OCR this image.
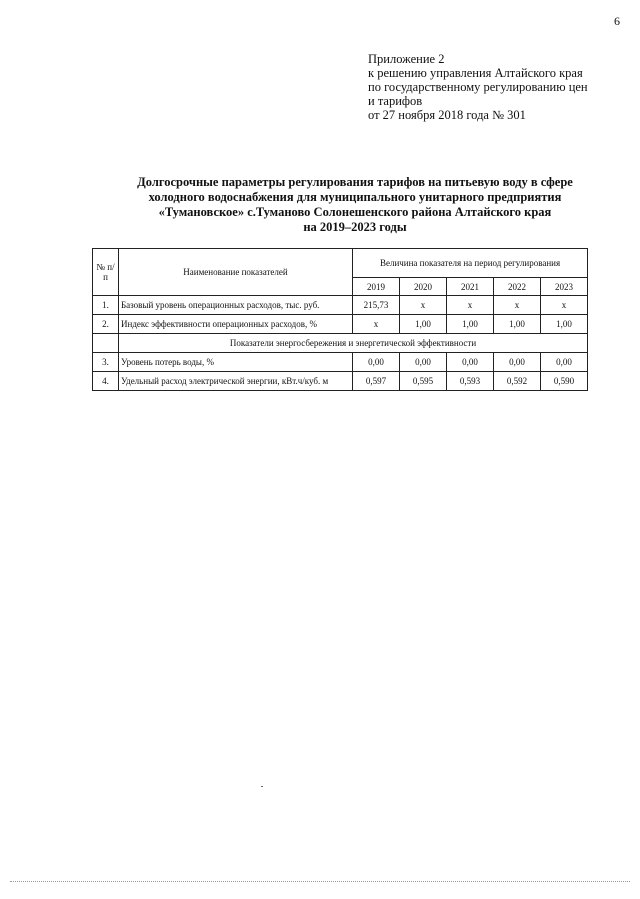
6
Приложение 2
к решению управления Алтайского края
по государственному регулированию цен
и тарифов
от 27 ноября 2018 года № 301
Долгосрочные параметры регулирования тарифов на питьевую воду в сфере
холодного водоснабжения для муниципального унитарного предприятия
«Тумановское» с.Туманово Солонешенского района Алтайского края
на 2019–2023 годы
№ п/п	Наименование показателей	Величина показателя на период регулирования				
		2019	2020	2021	2022	2023
1.	Базовый уровень операционных расходов, тыс. руб.	215,73	х	х	х	х
2.	Индекс эффективности операционных расходов, %	х	1,00	1,00	1,00	1,00
	Показатели энергосбережения и энергетической эффективности					
3.	Уровень потерь воды, %	0,00	0,00	0,00	0,00	0,00
4.	Удельный расход электрической энергии, кВт.ч/куб. м	0,597	0,595	0,593	0,592	0,590
